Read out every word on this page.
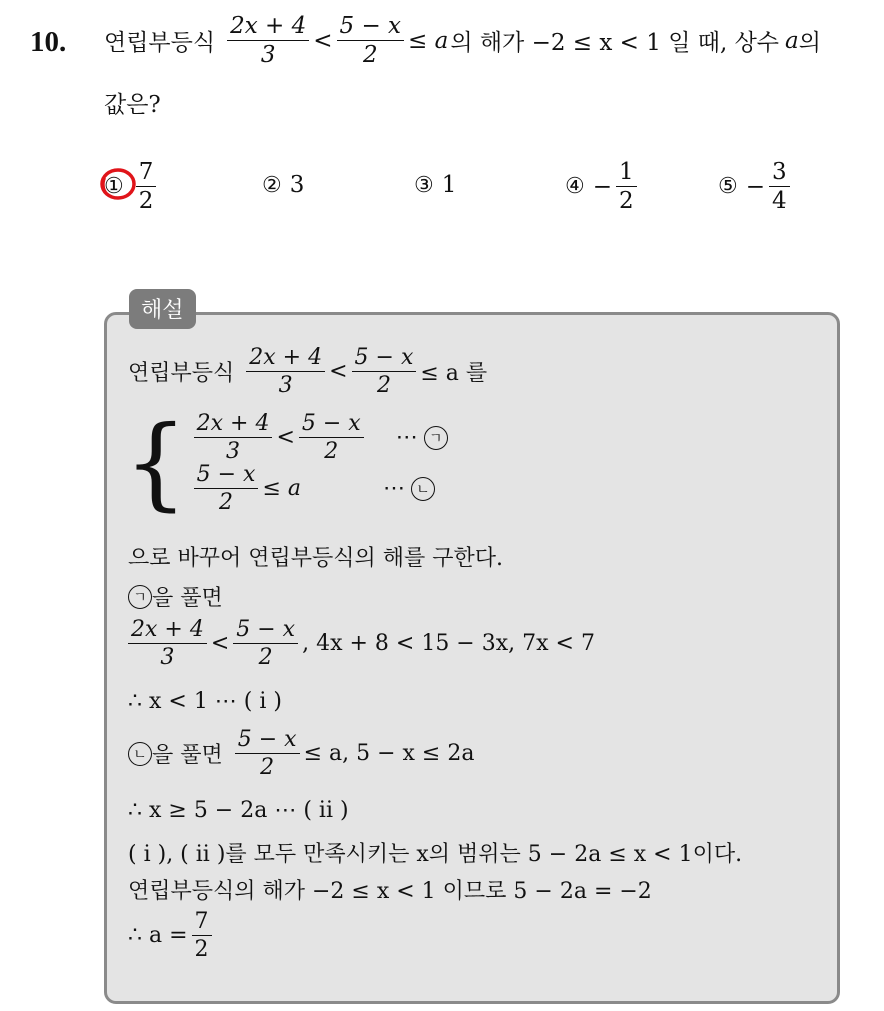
10. 연립부등식 $\frac{2x + 4}{3} < \frac{5 - x}{2} \le a$ 의 해가 −2 ≤ x < 1 일 때, 상수 a 의
값은?
① $\frac{7}{2}$	② 3	③ 1	④ − $\frac{1}{2}$	⑤ − $\frac{3}{4}$
해설
연립부등식 $\frac{2x + 4}{3} < \frac{5 - x}{2} \le a$ 를
{ $\frac{2x + 4}{3} < \frac{5 - x}{2}$ ⋯ ㄱ
$\frac{5 - x}{2} \le a$	⋯ ㄴ
으로 바꾸어 연립부등식의 해를 구한다.
ㄱ 을 풀면
$\frac{2x + 4}{3} < \frac{5 - x}{2}$ , 4x + 8 < 15 − 3x, 7x < 7
∴ x < 1 ⋯ ( i )
ㄴ 을 풀면 $\frac{5 - x}{2} \le a$, 5 − x ≤ 2a
∴ x ≥ 5 − 2a ⋯ ( ii )
( i ), ( ii )를 모두 만족시키는 x의 범위는 5 − 2a ≤ x < 1이다.
연립부등식의 해가 −2 ≤ x < 1 이므로 5 − 2a = −2
∴ $a = \frac{7}{2}$
